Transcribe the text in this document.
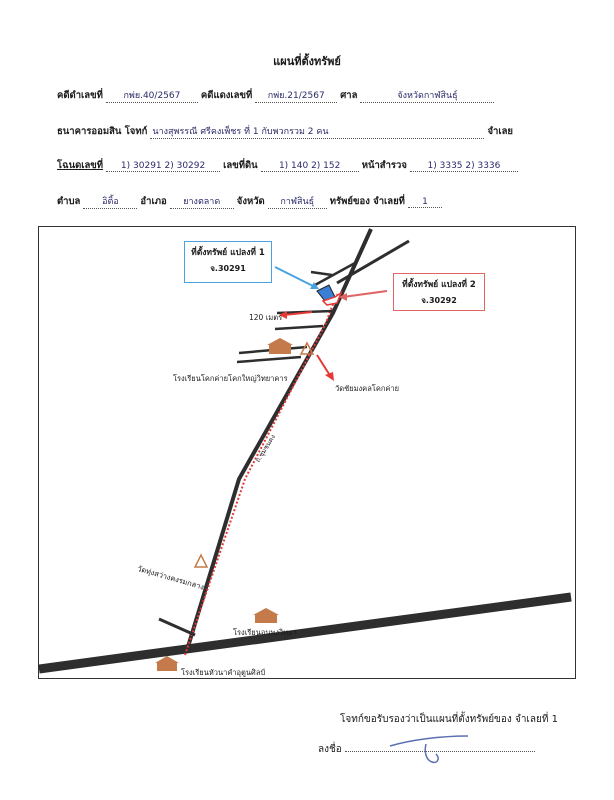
แผนที่ตั้งทรัพย์
คดีดำเลขที่ กพ่ย.40/2567 คดีแดงเลขที่ กพ่ย.21/2567 ศาล	จังหวัดกาฬสินธุ์
ธนาคารออมสิน โจทก์ นางสุพรรณี ศรีคงเพ็ชร ที่ 1 กับพวกรวม 2 คน	จำเลย
โฉนดเลขที่ 1) 30291 2) 30292 เลขที่ดิน 1) 140 2) 152 หน้าสำรวจ 1) 3335 2) 3336
ตำบล อิติ้อ อำเภอ ยางตลาด จังหวัด กาฬสินธุ์ ทรัพย์ของ จำเลยที่ 1
ที่ตั้งทรัพย์ แปลงที่ 1
จ.30291
ที่ตั้งทรัพย์ แปลงที่ 2
จ.30292
120 เมตร
โรงเรียนโคกค่ายโคกใหญ่วิทยาคาร
วัดชัยมงคลโคกค่าย
ถ.ชุมชนคง
วัดทุ่งสว่างคงรมกลาง
โรงเรียนอนพงวิทยา
โรงเรียนหัวนาคำอุตูนศิลป์
โจทก์ขอรับรองว่าเป็นแผนที่ตั้งทรัพย์ของ จำเลยที่ 1
ลงชื่อ
